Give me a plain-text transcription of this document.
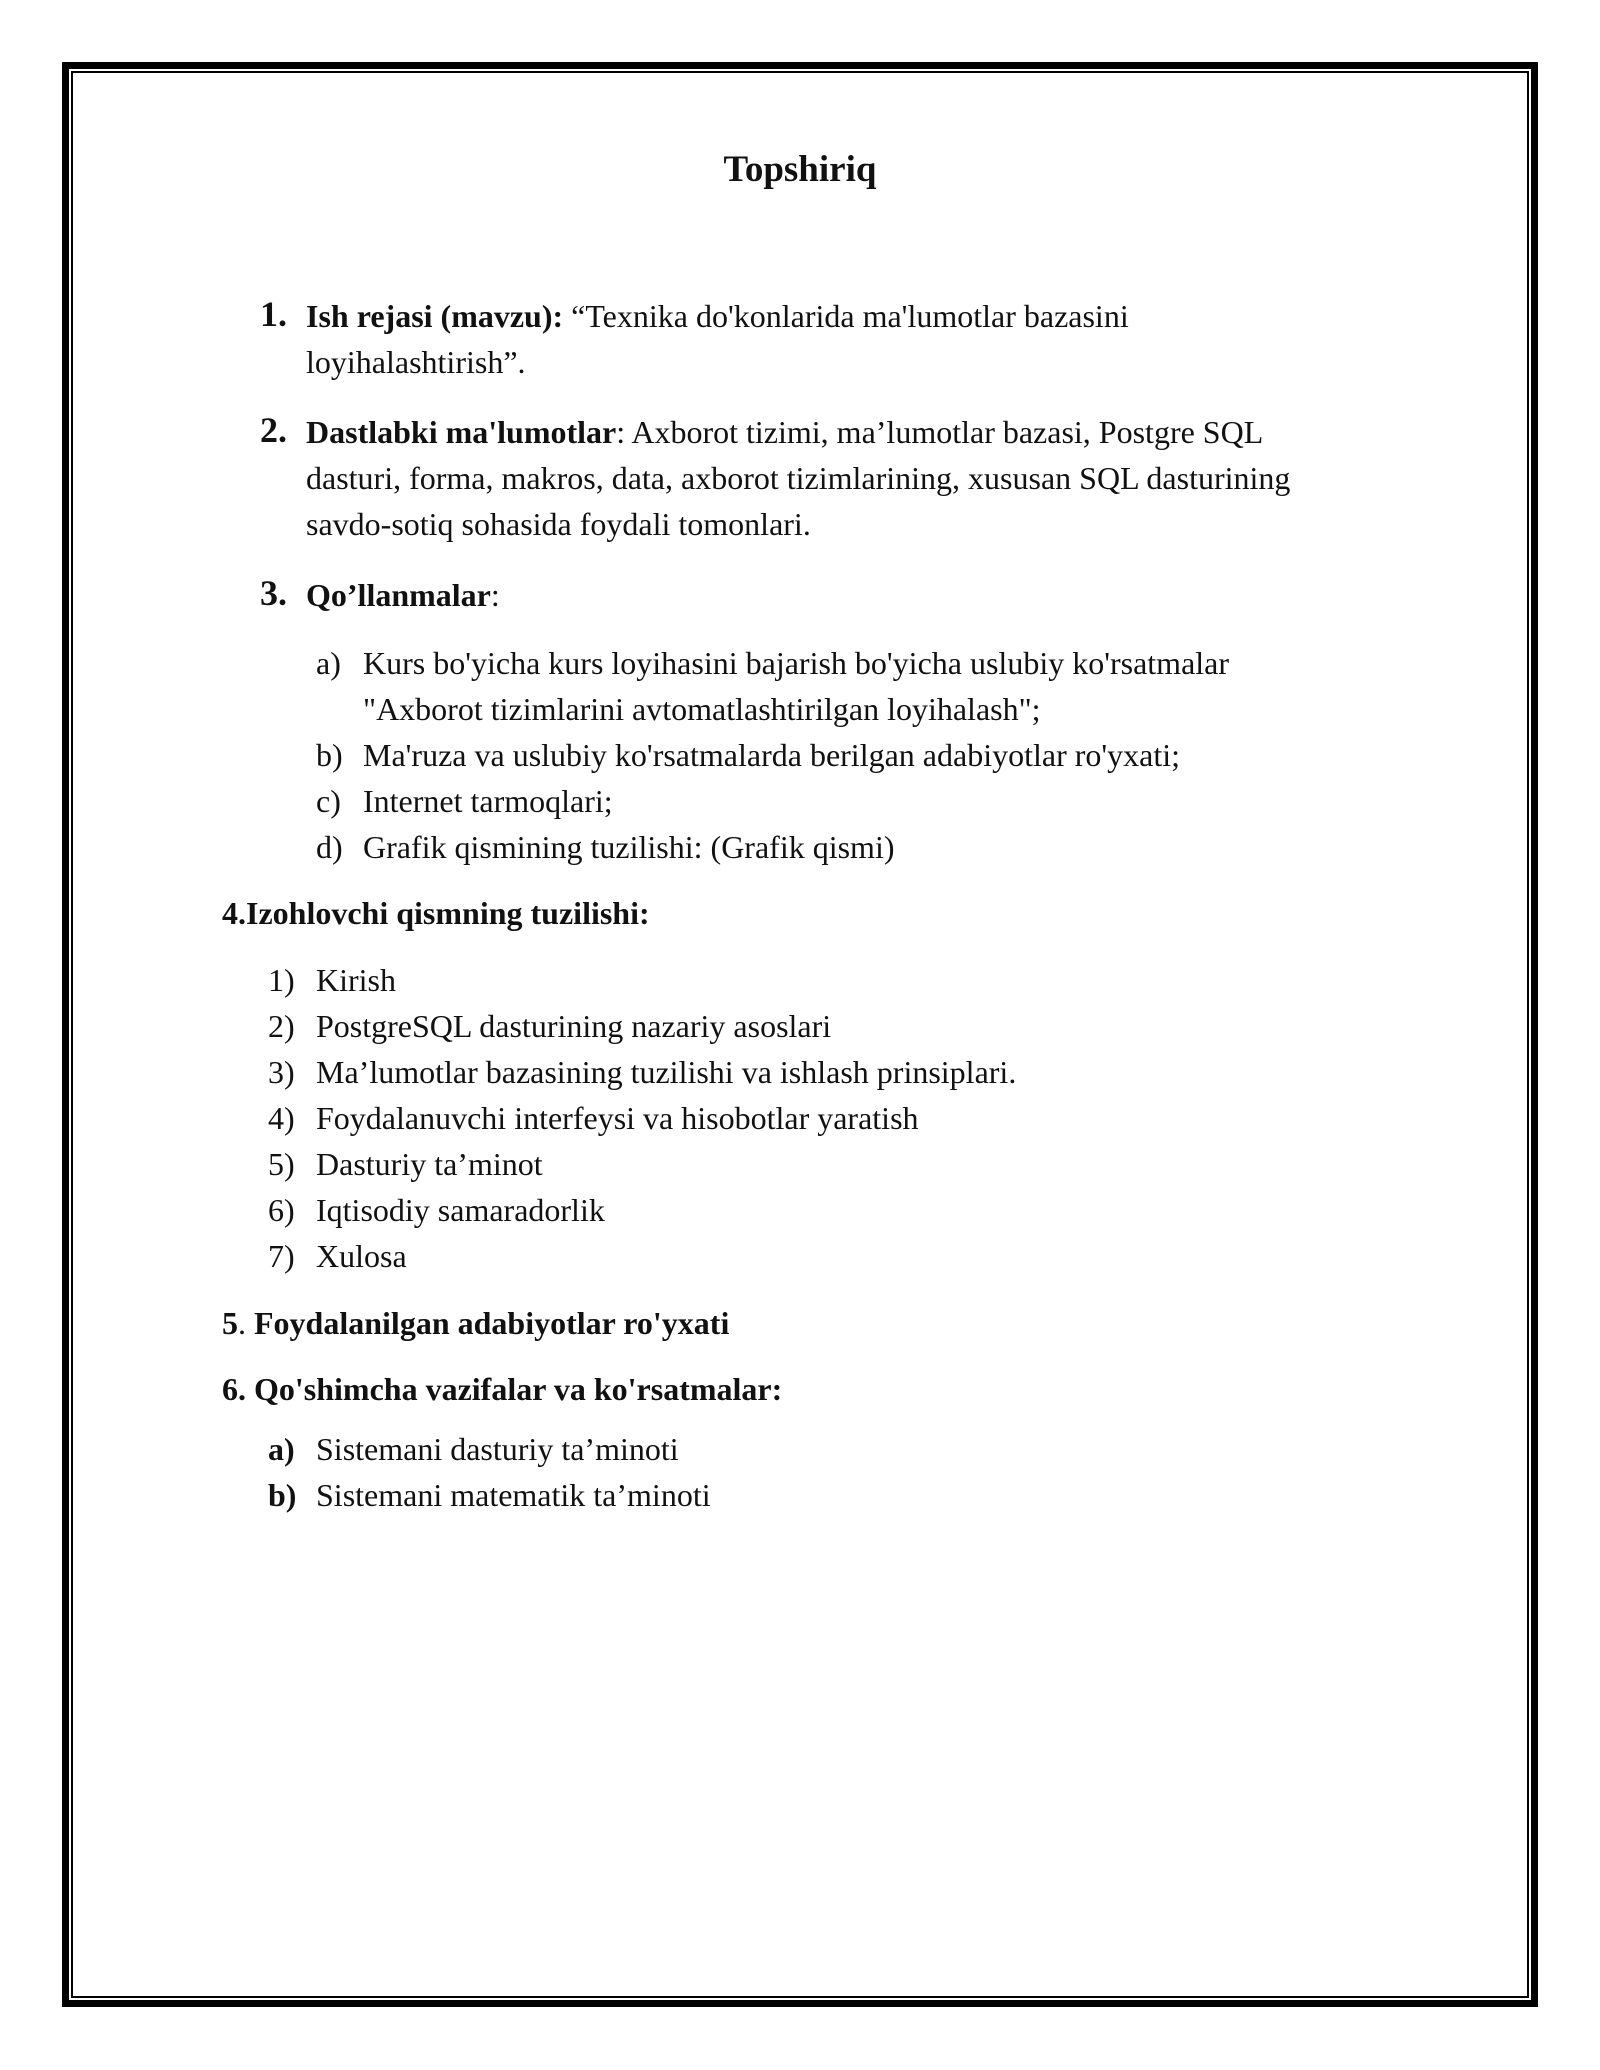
Topshiriq
1. Ish rejasi (mavzu): “Texnika do'konlarida ma'lumotlar bazasini
loyihalashtirish”.
2. Dastlabki ma'lumotlar: Axborot tizimi, ma’lumotlar bazasi, Postgre SQL
dasturi, forma, makros, data, axborot tizimlarining, xususan SQL dasturining
savdo-sotiq sohasida foydali tomonlari.
3. Qo’llanmalar:
a) Kurs bo'yicha kurs loyihasini bajarish bo'yicha uslubiy ko'rsatmalar
"Axborot tizimlarini avtomatlashtirilgan loyihalash";
b) Ma'ruza va uslubiy ko'rsatmalarda berilgan adabiyotlar ro'yxati;
c) Internet tarmoqlari;
d) Grafik qismining tuzilishi: (Grafik qismi)
4.Izohlovchi qismning tuzilishi:
1) Kirish
2) PostgreSQL dasturining nazariy asoslari
3) Ma’lumotlar bazasining tuzilishi va ishlash prinsiplari.
4) Foydalanuvchi interfeysi va hisobotlar yaratish
5) Dasturiy ta’minot
6) Iqtisodiy samaradorlik
7) Xulosa
5. Foydalanilgan adabiyotlar ro'yxati
6. Qo'shimcha vazifalar va ko'rsatmalar:
a) Sistemani dasturiy ta’minoti
b) Sistemani matematik ta’minoti
